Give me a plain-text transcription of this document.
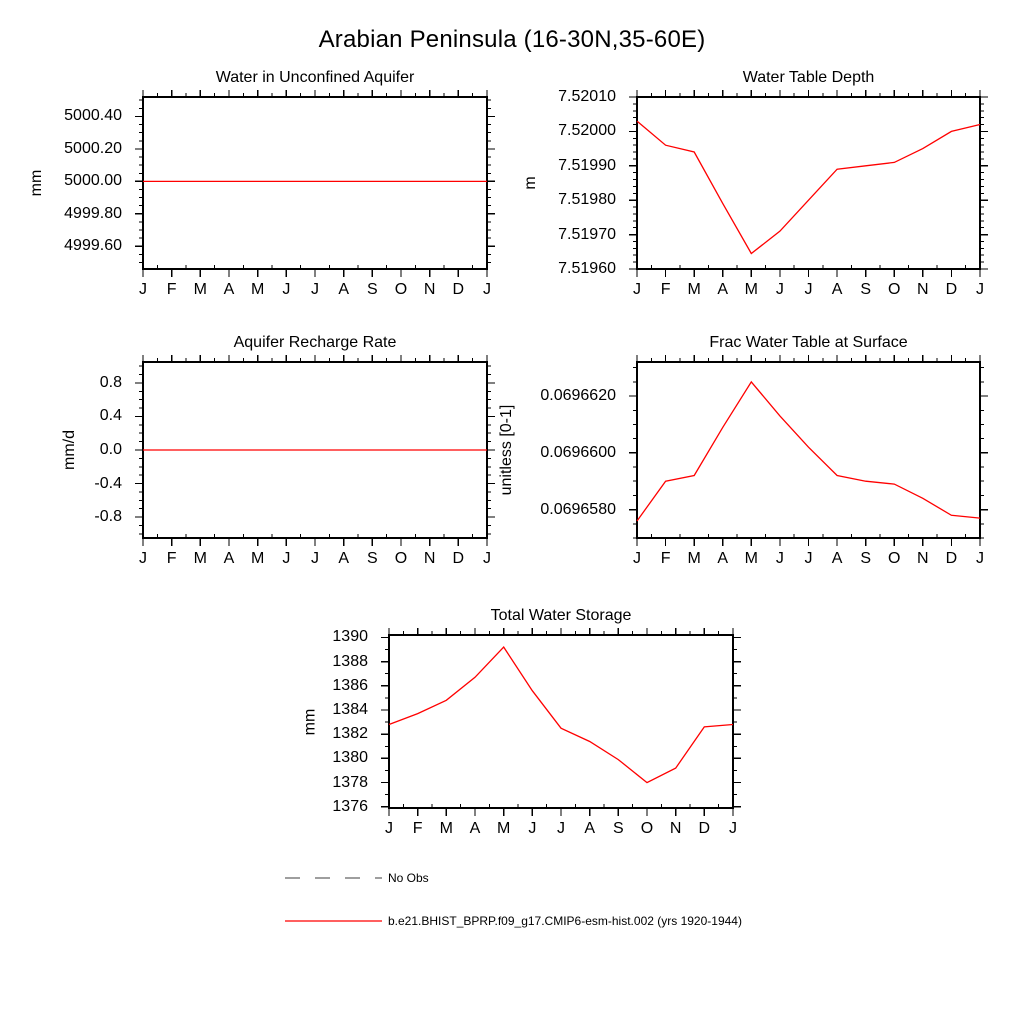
Arabian Peninsula (16-30N,35-60E)
Water in Unconfined Aquifer
mm
Water Table Depth
m
Aquifer Recharge Rate
mm/d
Frac Water Table at Surface
unitless [0-1]
Total Water Storage
mm
No Obs
b.e21.BHIST_BPRP.f09_g17.CMIP6-esm-hist.002 (yrs 1920-1944)
J	F	M	A	M	J	J	A	S	O	N	D	J
4999.60
4999.80
5000.00
5000.20
5000.40
J	F	M	A	M	J	J	A	S	O	N	D	J
7.51960
7.51970
7.51980
7.51990
7.52000
7.52010
J	F	M	A	M	J	J	A	S	O	N	D	J
-0.8
-0.4
0.0
0.4
0.8
J	F	M	A	M	J	J	A	S	O	N	D	J
0.0696580
0.0696600
0.0696620
J	F	M	A	M	J	J	A	S	O	N	D	J
1376
1378
1380
1382
1384
1386
1388
1390
